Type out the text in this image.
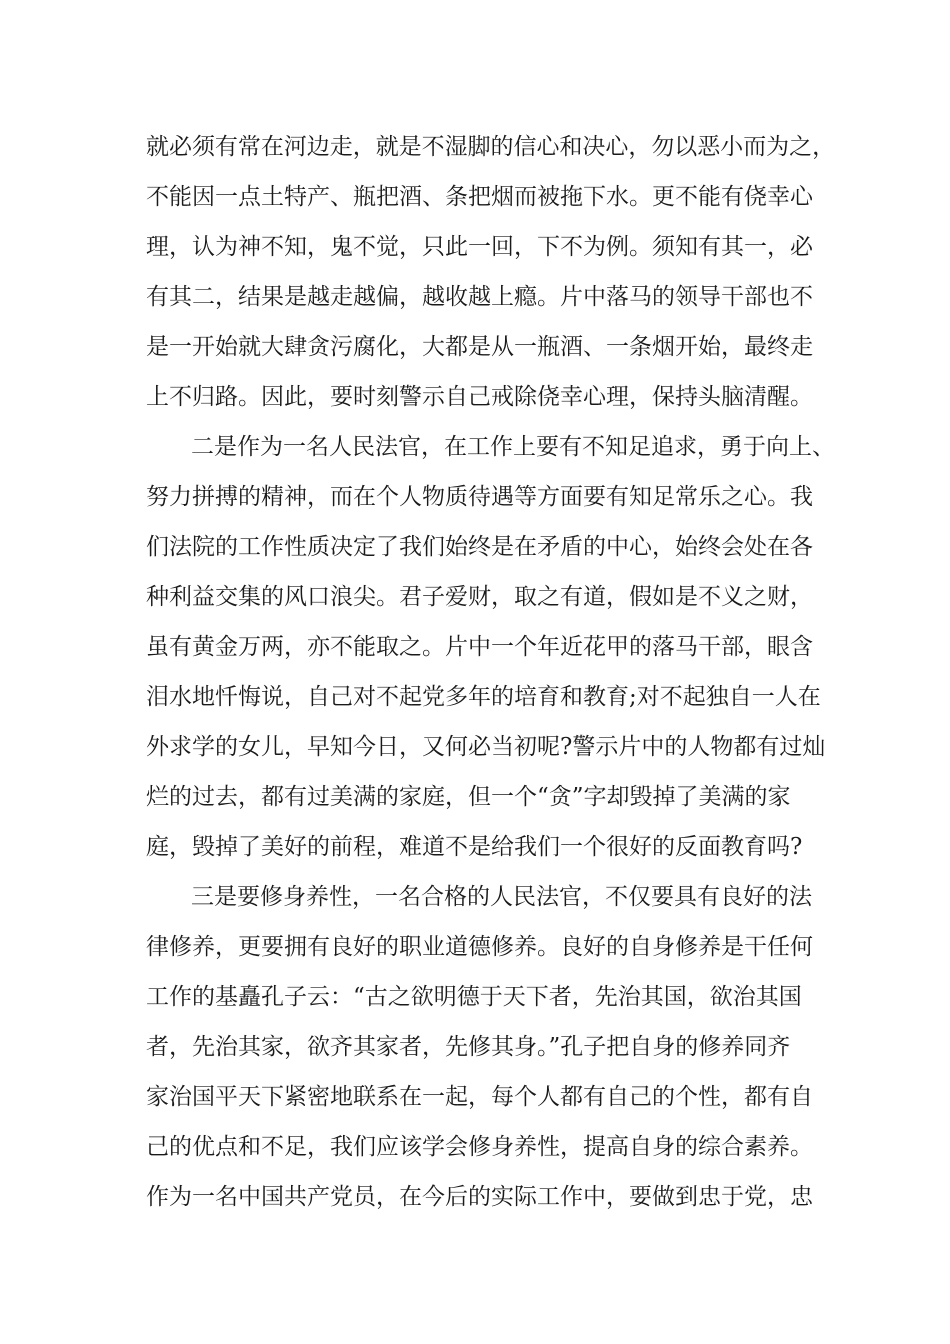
就必须有常在河边走，就是不湿脚的信心和决心，勿以恶小而为之，
不能因一点土特产、瓶把酒、条把烟而被拖下水。更不能有侥幸心
理，认为神不知，鬼不觉，只此一回，下不为例。须知有其一，必
有其二，结果是越走越偏，越收越上瘾。片中落马的领导干部也不
是一开始就大肆贪污腐化，大都是从一瓶酒、一条烟开始，最终走
上不归路。因此，要时刻警示自己戒除侥幸心理，保持头脑清醒。
二是作为一名人民法官，在工作上要有不知足追求，勇于向上、
努力拼搏的精神，而在个人物质待遇等方面要有知足常乐之心。我
们法院的工作性质决定了我们始终是在矛盾的中心，始终会处在各
种利益交集的风口浪尖。君子爱财，取之有道，假如是不义之财，
虽有黄金万两，亦不能取之。片中一个年近花甲的落马干部，眼含
泪水地忏悔说，自己对不起党多年的培育和教育;对不起独自一人在
外求学的女儿，早知今日，又何必当初呢?警示片中的人物都有过灿
烂的过去，都有过美满的家庭，但一个“贪”字却毁掉了美满的家
庭，毁掉了美好的前程，难道不是给我们一个很好的反面教育吗?
三是要修身养性，一名合格的人民法官，不仅要具有良好的法
律修养，更要拥有良好的职业道德修养。良好的自身修养是干任何
工作的基矗孔子云：“古之欲明德于天下者，先治其国，欲治其国
者，先治其家，欲齐其家者，先修其身。”孔子把自身的修养同齐
家治国平天下紧密地联系在一起，每个人都有自己的个性，都有自
己的优点和不足，我们应该学会修身养性，提高自身的综合素养。
作为一名中国共产党员，在今后的实际工作中，要做到忠于党，忠
